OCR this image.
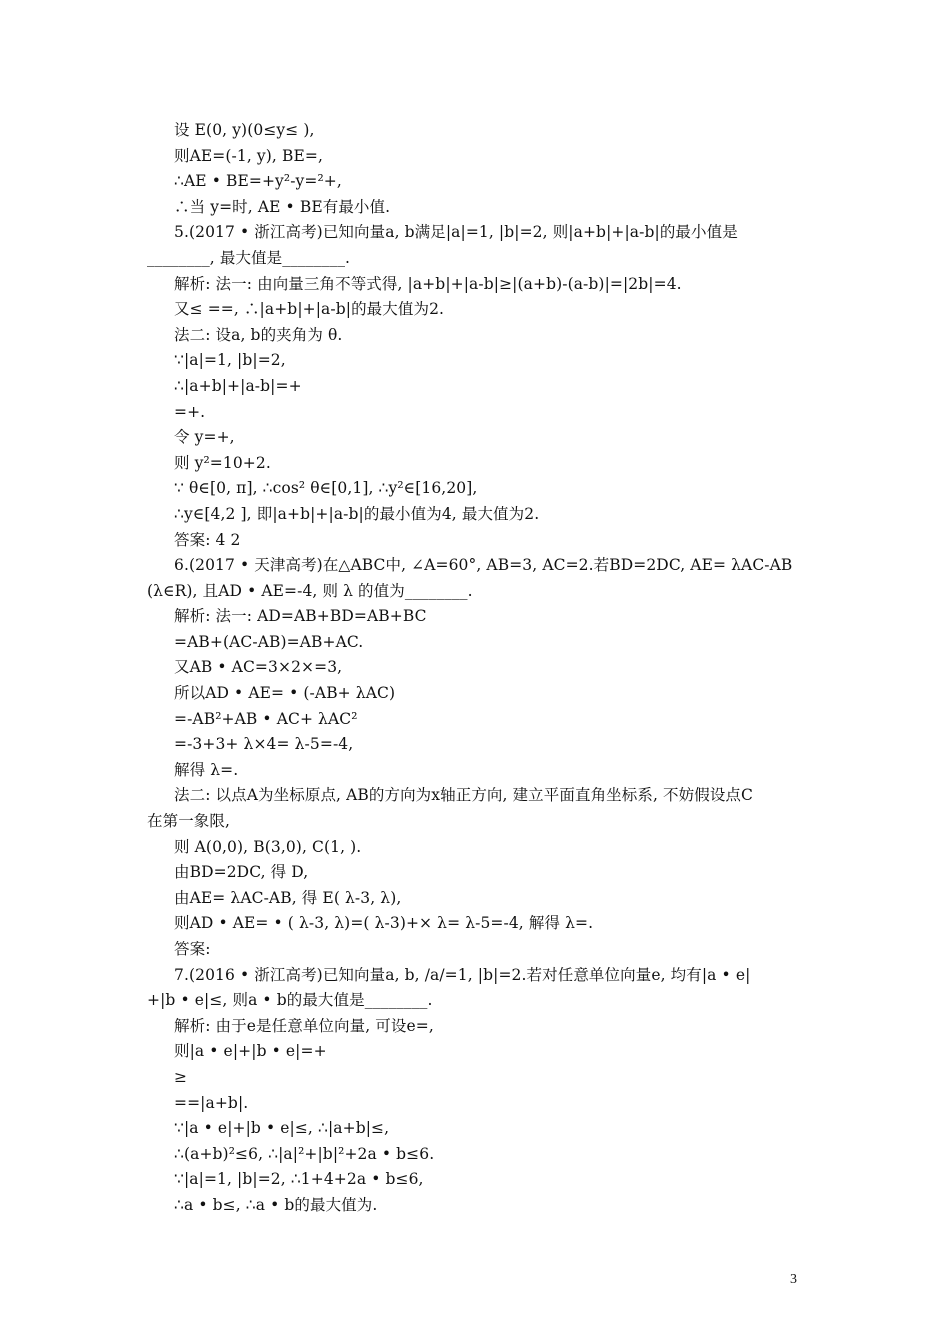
设 E(0, y)(0≤y≤ ),
则AE=(-1, y), BE=,
∴AE • BE=+y²-y=²+,
∴当 y=时, AE • BE有最小值.
5.(2017 • 浙江高考)已知向量a, b满足|a|=1, |b|=2, 则|a+b|+|a-b|的最小值是
________, 最大值是________.
解析: 法一: 由向量三角不等式得, |a+b|+|a-b|≥|(a+b)-(a-b)|=|2b|=4.
又≤ ==, ∴|a+b|+|a-b|的最大值为2.
法二: 设a, b的夹角为 θ.
∵|a|=1, |b|=2,
∴|a+b|+|a-b|=+
=+.
令 y=+,
则 y²=10+2.
∵ θ∈[0, π], ∴cos² θ∈[0,1], ∴y²∈[16,20],
∴y∈[4,2 ], 即|a+b|+|a-b|的最小值为4, 最大值为2.
答案: 4 2
6.(2017 • 天津高考)在△ABC中, ∠A=60°, AB=3, AC=2.若BD=2DC, AE= λAC-AB
(λ∈R), 且AD • AE=-4, 则 λ 的值为________.
解析: 法一: AD=AB+BD=AB+BC
=AB+(AC-AB)=AB+AC.
又AB • AC=3×2×=3,
所以AD • AE= • (-AB+ λAC)
=-AB²+AB • AC+ λAC²
=-3+3+ λ×4= λ-5=-4,
解得 λ=.
法二: 以点A为坐标原点, AB的方向为x轴正方向, 建立平面直角坐标系, 不妨假设点C
在第一象限,
则 A(0,0), B(3,0), C(1, ).
由BD=2DC, 得 D,
由AE= λAC-AB, 得 E( λ-3, λ),
则AD • AE= • ( λ-3, λ)=( λ-3)+× λ= λ-5=-4, 解得 λ=.
答案:
7.(2016 • 浙江高考)已知向量a, b, /a/=1, |b|=2.若对任意单位向量e, 均有|a • e|
+|b • e|≤, 则a • b的最大值是________.
解析: 由于e是任意单位向量, 可设e=,
则|a • e|+|b • e|=+
≥
==|a+b|.
∵|a • e|+|b • e|≤, ∴|a+b|≤,
∴(a+b)²≤6, ∴|a|²+|b|²+2a • b≤6.
∵|a|=1, |b|=2, ∴1+4+2a • b≤6,
∴a • b≤, ∴a • b的最大值为.
3
